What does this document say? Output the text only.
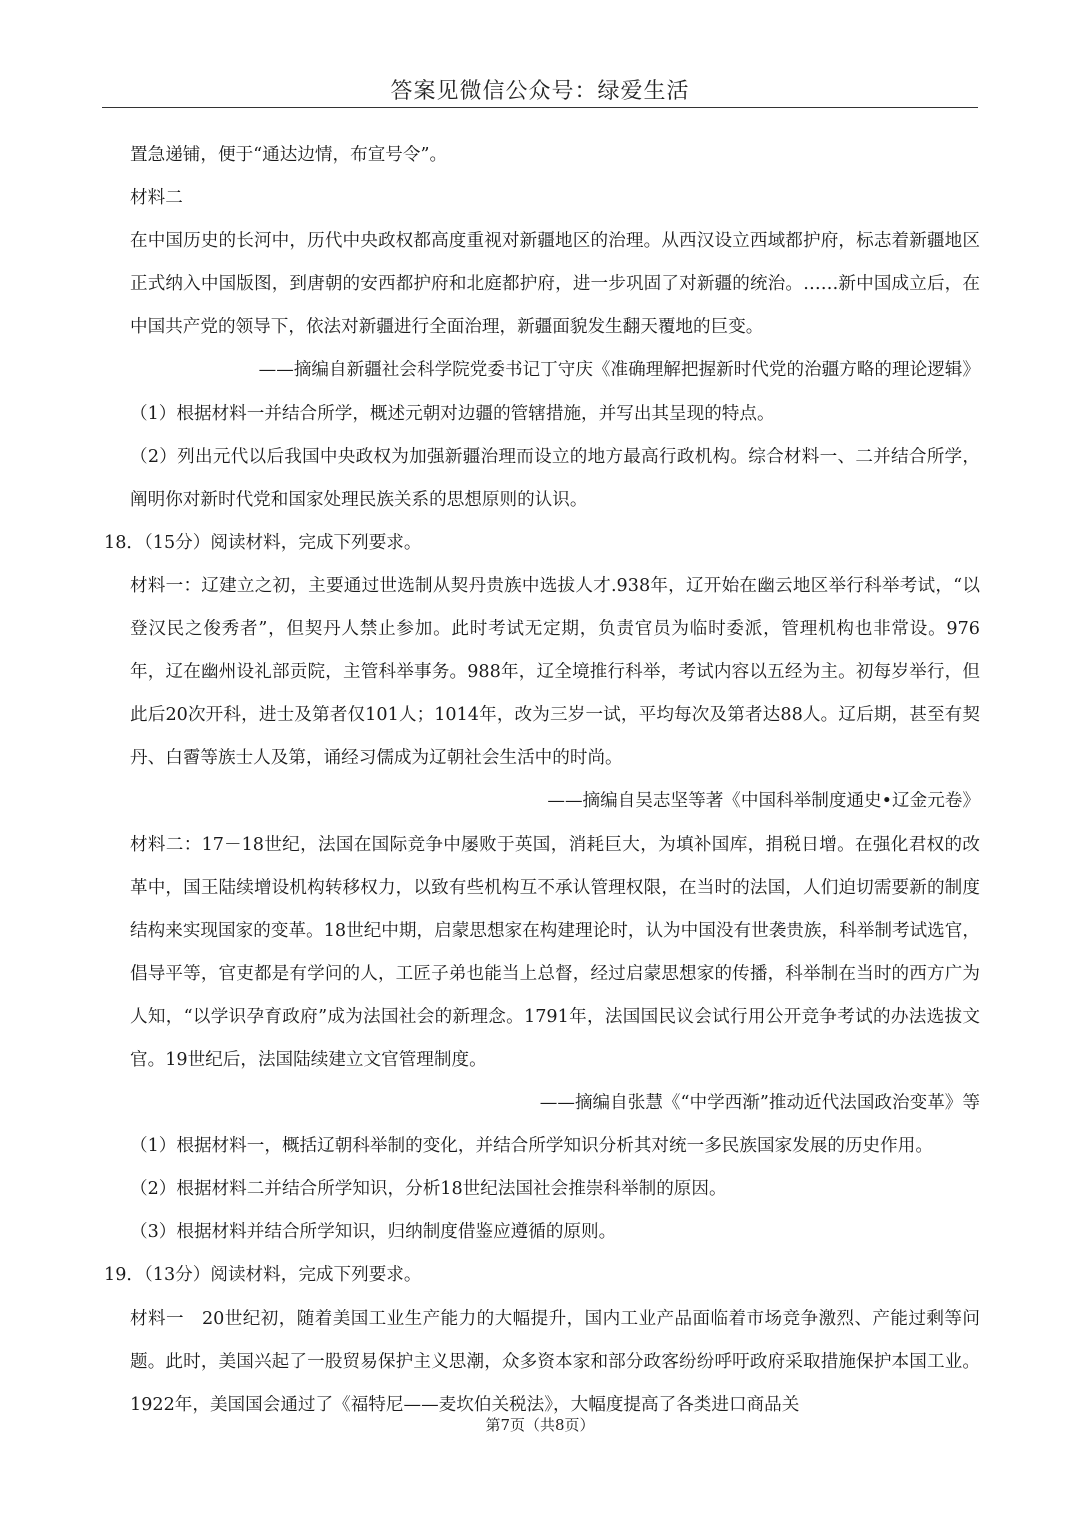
答案见微信公众号：绿爱生活

置急递铺，便于“通达边情，布宣号令”。

材料二

在中国历史的长河中，历代中央政权都高度重视对新疆地区的治理。从西汉设立西域都护府，标志着新疆地区正式纳入中国版图，到唐朝的安西都护府和北庭都护府，进一步巩固了对新疆的统治。……新中国成立后，在中国共产党的领导下，依法对新疆进行全面治理，新疆面貌发生翻天覆地的巨变。

——摘编自新疆社会科学院党委书记丁守庆《准确理解把握新时代党的治疆方略的理论逻辑》

（1）根据材料一并结合所学，概述元朝对边疆的管辖措施，并写出其呈现的特点。

（2）列出元代以后我国中央政权为加强新疆治理而设立的地方最高行政机构。综合材料一、二并结合所学，阐明你对新时代党和国家处理民族关系的思想原则的认识。

18．（15分）阅读材料，完成下列要求。

材料一：辽建立之初，主要通过世选制从契丹贵族中选拔人才.938年，辽开始在幽云地区举行科举考试，“以登汉民之俊秀者”，但契丹人禁止参加。此时考试无定期，负责官员为临时委派，管理机构也非常设。976年，辽在幽州设礼部贡院，主管科举事务。988年，辽全境推行科举，考试内容以五经为主。初每岁举行，但此后20次开科，进士及第者仅101人；1014年，改为三岁一试，平均每次及第者达88人。辽后期，甚至有契丹、白霫等族士人及第，诵经习儒成为辽朝社会生活中的时尚。

——摘编自吴志坚等著《中国科举制度通史•辽金元卷》

材料二：17－18世纪，法国在国际竞争中屡败于英国，消耗巨大，为填补国库，捐税日增。在强化君权的改革中，国王陆续增设机构转移权力，以致有些机构互不承认管理权限，在当时的法国，人们迫切需要新的制度结构来实现国家的变革。18世纪中期，启蒙思想家在构建理论时，认为中国没有世袭贵族，科举制考试选官，倡导平等，官吏都是有学问的人，工匠子弟也能当上总督，经过启蒙思想家的传播，科举制在当时的西方广为人知，“以学识孕育政府”成为法国社会的新理念。1791年，法国国民议会试行用公开竞争考试的办法选拔文官。19世纪后，法国陆续建立文官管理制度。

——摘编自张慧《“中学西渐”推动近代法国政治变革》等

（1）根据材料一，概括辽朝科举制的变化，并结合所学知识分析其对统一多民族国家发展的历史作用。

（2）根据材料二并结合所学知识，分析18世纪法国社会推崇科举制的原因。

（3）根据材料并结合所学知识，归纳制度借鉴应遵循的原则。

19．（13分）阅读材料，完成下列要求。

材料一　20世纪初，随着美国工业生产能力的大幅提升，国内工业产品面临着市场竞争激烈、产能过剩等问题。此时，美国兴起了一股贸易保护主义思潮，众多资本家和部分政客纷纷呼吁政府采取措施保护本国工业。1922年，美国国会通过了《福特尼——麦坎伯关税法》，大幅度提高了各类进口商品关

第7页（共8页）
